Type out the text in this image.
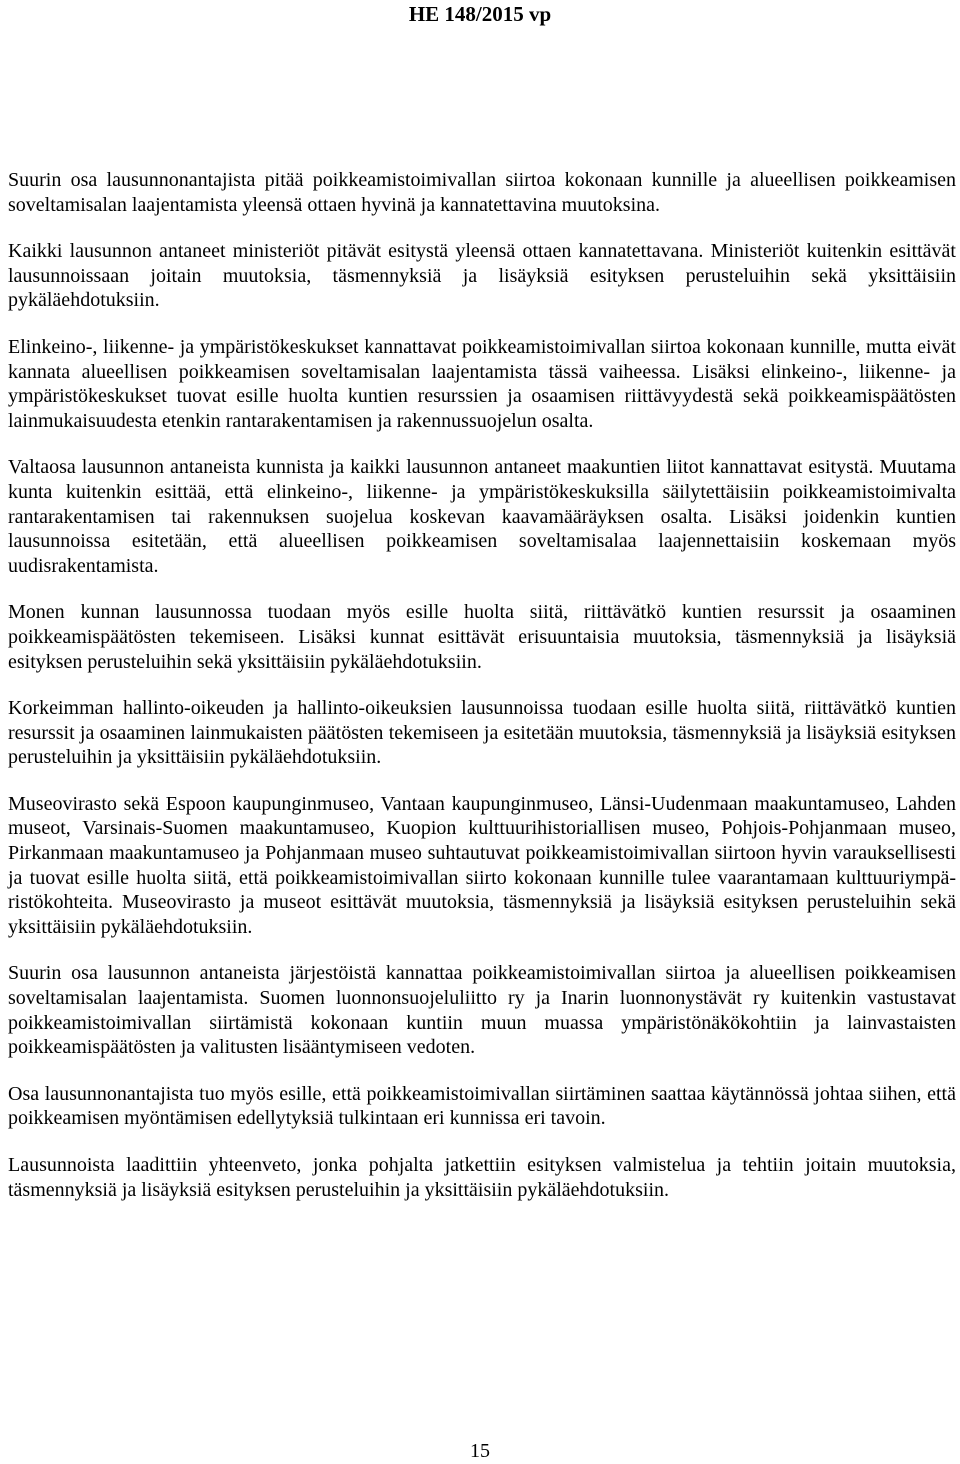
HE 148/2015 vp

Suurin osa lausunnonantajista pitää poikkeamistoimivallan siirtoa kokonaan kunnille ja alueellisen poikkeamisen soveltamisalan laajentamista yleensä ottaen hyvinä ja kannatettavina muutoksina.

Kaikki lausunnon antaneet ministeriöt pitävät esitystä yleensä ottaen kannatettavana. Ministeriöt kuitenkin esittävät lausunnoissaan joitain muutoksia, täsmennyksiä ja lisäyksiä esityksen perusteluihin sekä yksittäisiin pykäläehdotuksiin.

Elinkeino-, liikenne- ja ympäristökeskukset kannattavat poikkeamistoimivallan siirtoa kokonaan kunnille, mutta eivät kannata alueellisen poikkeamisen soveltamisalan laajentamista tässä vaiheessa. Lisäksi elinkeino-, liikenne- ja ympäristökeskukset tuovat esille huolta kuntien resurssien ja osaamisen riittävyydestä sekä poikkeamispäätösten lainmukaisuudesta etenkin rantarakentamisen ja rakennussuojelun osalta.

Valtaosa lausunnon antaneista kunnista ja kaikki lausunnon antaneet maakuntien liitot kannattavat esitystä. Muutama kunta kuitenkin esittää, että elinkeino-, liikenne- ja ympäristökeskuksilla säilytettäisiin poikkeamistoimivalta rantarakentamisen tai rakennuksen suojelua koskevan kaavamääräyksen osalta. Lisäksi joidenkin kuntien lausunnoissa esitetään, että alueellisen poikkeamisen soveltamisalaa laajennettaisiin koskemaan myös uudisrakentamista.

Monen kunnan lausunnossa tuodaan myös esille huolta siitä, riittävätkö kuntien resurssit ja osaaminen poikkeamispäätösten tekemiseen. Lisäksi kunnat esittävät erisuuntaisia muutoksia, täsmennyksiä ja lisäyksiä esityksen perusteluihin sekä yksittäisiin pykäläehdotuksiin.

Korkeimman hallinto-oikeuden ja hallinto-oikeuksien lausunnoissa tuodaan esille huolta siitä, riittävätkö kuntien resurssit ja osaaminen lainmukaisten päätösten tekemiseen ja esitetään muutoksia, täsmennyksiä ja lisäyksiä esityksen perusteluihin ja yksittäisiin pykäläehdotuksiin.

Museovirasto sekä Espoon kaupunginmuseo, Vantaan kaupunginmuseo, Länsi-Uudenmaan maakuntamuseo, Lahden museot, Varsinais-Suomen maakuntamuseo, Kuopion kulttuurihistoriallisen museo, Pohjois-Pohjanmaan museo, Pirkanmaan maakuntamuseo ja Pohjanmaan museo suhtautuvat poikkeamistoimivallan siirtoon hyvin varauksellisesti ja tuovat esille huolta siitä, että poikkeamistoimivallan siirto kokonaan kunnille tulee vaarantamaan kulttuuriympäristökohteita. Museovirasto ja museot esittävät muutoksia, täsmennyksiä ja lisäyksiä esityksen perusteluihin sekä yksittäisiin pykäläehdotuksiin.

Suurin osa lausunnon antaneista järjestöistä kannattaa poikkeamistoimivallan siirtoa ja alueellisen poikkeamisen soveltamisalan laajentamista. Suomen luonnonsuojeluliitto ry ja Inarin luonnonystävät ry kuitenkin vastustavat poikkeamistoimivallan siirtämistä kokonaan kuntiin muun muassa ympäristönäkökohtiin ja lainvastaisten poikkeamispäätösten ja valitusten lisääntymiseen vedoten.

Osa lausunnonantajista tuo myös esille, että poikkeamistoimivallan siirtäminen saattaa käytännössä johtaa siihen, että poikkeamisen myöntämisen edellytyksiä tulkintaan eri kunnissa eri tavoin.

Lausunnoista laadittiin yhteenveto, jonka pohjalta jatkettiin esityksen valmistelua ja tehtiin joitain muutoksia, täsmennyksiä ja lisäyksiä esityksen perusteluihin ja yksittäisiin pykäläehdotuksiin.

15
